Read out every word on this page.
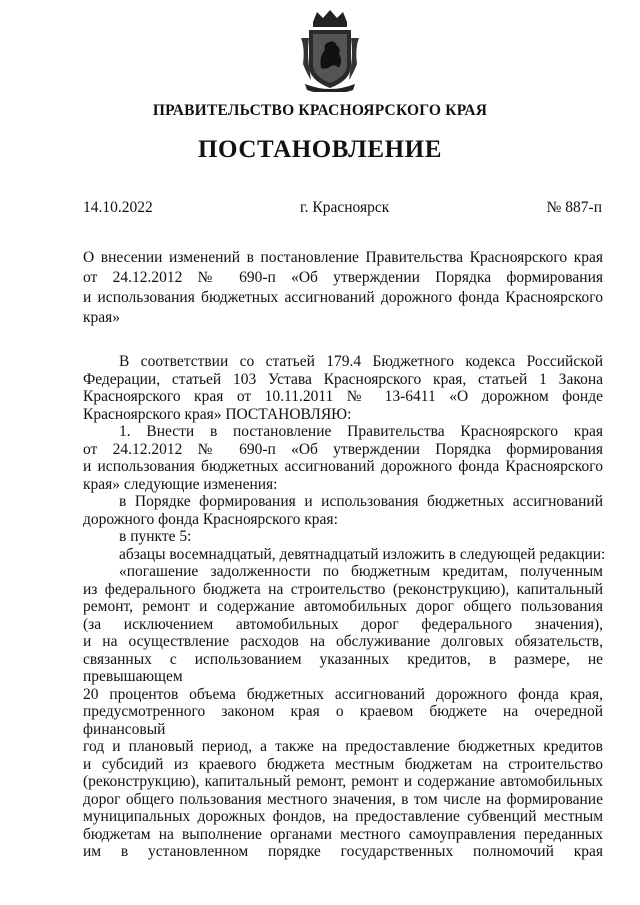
ПРАВИТЕЛЬСТВО КРАСНОЯРСКОГО КРАЯ
ПОСТАНОВЛЕНИЕ
14.10.2022	г. Красноярск	№ 887-п
О внесении изменений в постановление Правительства Красноярского края
от 24.12.2012 № 690-п «Об утверждении Порядка формирования
и использования бюджетных ассигнований дорожного фонда Красноярского
края»
В соответствии со статьей 179.4 Бюджетного кодекса Российской
Федерации, статьей 103 Устава Красноярского края, статьей 1 Закона
Красноярского края от 10.11.2011 № 13-6411 «О дорожном фонде
Красноярского края» ПОСТАНОВЛЯЮ:
1. Внести в постановление Правительства Красноярского края
от 24.12.2012 № 690-п «Об утверждении Порядка формирования
и использования бюджетных ассигнований дорожного фонда Красноярского
края» следующие изменения:
в Порядке формирования и использования бюджетных ассигнований
дорожного фонда Красноярского края:
в пункте 5:
абзацы восемнадцатый, девятнадцатый изложить в следующей редакции:
«погашение задолженности по бюджетным кредитам, полученным
из федерального бюджета на строительство (реконструкцию), капитальный
ремонт, ремонт и содержание автомобильных дорог общего пользования
(за исключением автомобильных дорог федерального значения),
и на осуществление расходов на обслуживание долговых обязательств,
связанных с использованием указанных кредитов, в размере, не превышающем
20 процентов объема бюджетных ассигнований дорожного фонда края,
предусмотренного законом края о краевом бюджете на очередной финансовый
год и плановый период, а также на предоставление бюджетных кредитов
и субсидий из краевого бюджета местным бюджетам на строительство
(реконструкцию), капитальный ремонт, ремонт и содержание автомобильных
дорог общего пользования местного значения, в том числе на формирование
муниципальных дорожных фондов, на предоставление субвенций местным
бюджетам на выполнение органами местного самоуправления переданных
им в установленном порядке государственных полномочий края
